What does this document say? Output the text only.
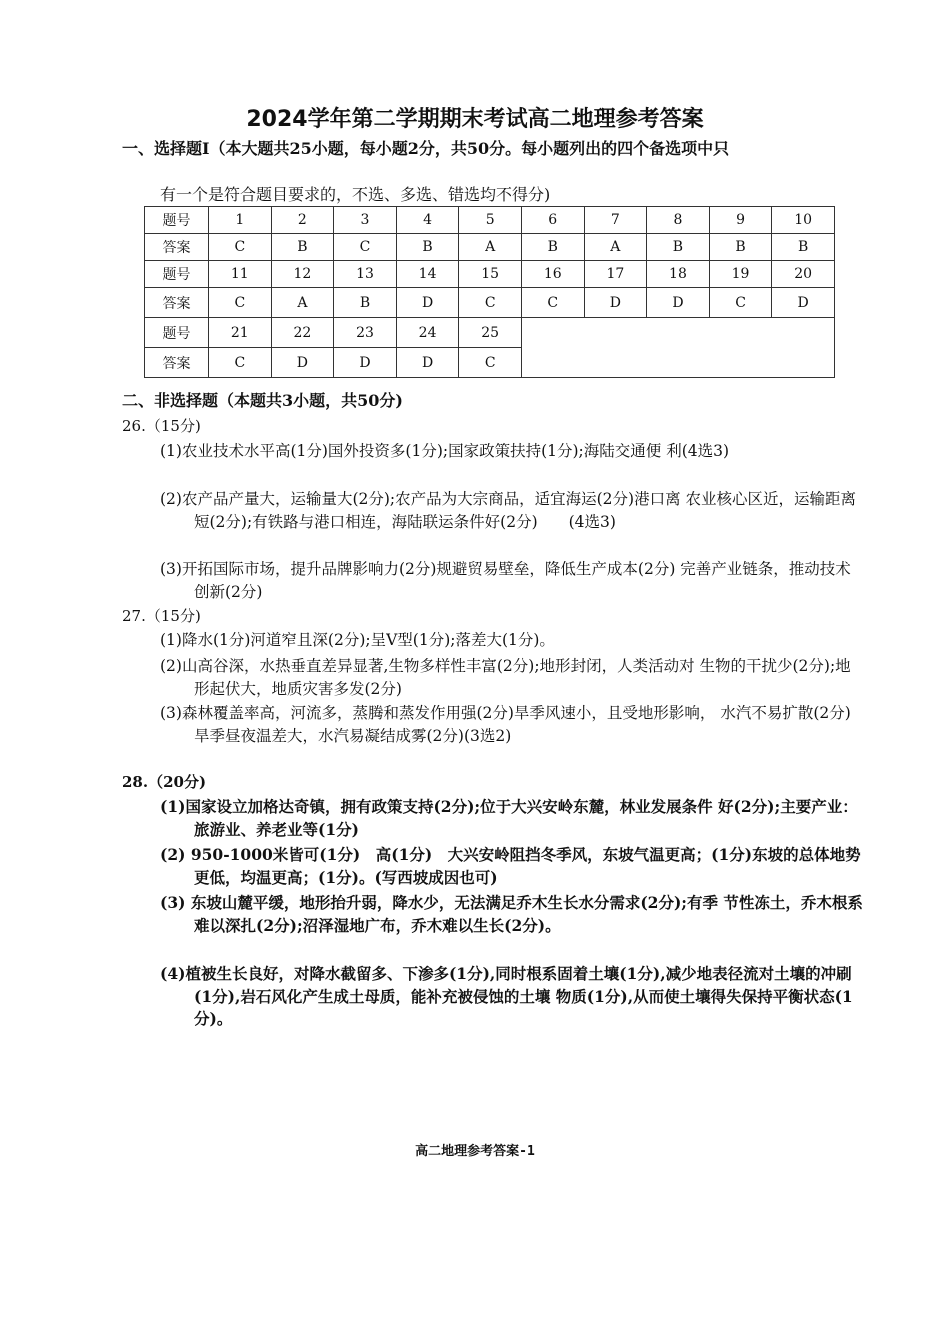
2024学年第二学期期末考试高二地理参考答案
一、选择题Ⅰ（本大题共25小题，每小题2分，共50分。每小题列出的四个备选项中只
有一个是符合题目要求的，不选、多选、错选均不得分)
题号	1	2	3	4	5	6	7	8	9	10
答案	C	B	C	B	A	B	A	B	B	B
题号	11	12	13	14	15	16	17	18	19	20
答案	C	A	B	D	C	C	D	D	C	D
题号	21	22	23	24	25					
答案	C	D	D	D	C					
二、非选择题（本题共3小题，共50分)
26.（15分)
(1)农业技术水平高(1分)国外投资多(1分);国家政策扶持(1分);海陆交通便 利(4选3)
(2)农产品产量大，运输量大(2分);农产品为大宗商品，适宜海运(2分)港口离 农业核心区近，运输距离短(2分);有铁路与港口相连，海陆联运条件好(2分)　　(4选3)
(3)开拓国际市场，提升品牌影响力(2分)规避贸易壁垒，降低生产成本(2分) 完善产业链条，推动技术创新(2分)
27.（15分)
(1)降水(1分)河道窄且深(2分);呈V型(1分);落差大(1分)。
(2)山高谷深，水热垂直差异显著,生物多样性丰富(2分);地形封闭，人类活动对 生物的干扰少(2分);地形起伏大，地质灾害多发(2分)
(3)森林覆盖率高，河流多，蒸腾和蒸发作用强(2分)旱季风速小，且受地形影响， 水汽不易扩散(2分)旱季昼夜温差大，水汽易凝结成雾(2分)(3选2)
28.（20分)
(1)国家设立加格达奇镇，拥有政策支持(2分);位于大兴安岭东麓，林业发展条件 好(2分);主要产业：旅游业、养老业等(1分)
(2) 950-1000米皆可(1分)　高(1分)　大兴安岭阻挡冬季风，东坡气温更高；(1分)东坡的总体地势更低，均温更高；(1分)。(写西坡成因也可)
(3) 东坡山麓平缓，地形抬升弱，降水少，无法满足乔木生长水分需求(2分);有季 节性冻土，乔木根系难以深扎(2分);沼泽湿地广布，乔木难以生长(2分)。
(4)植被生长良好，对降水截留多、下渗多(1分),同时根系固着土壤(1分),减少地表径流对土壤的冲刷(1分),岩石风化产生成土母质，能补充被侵蚀的土壤 物质(1分),从而使土壤得失保持平衡状态(1分)。
高二地理参考答案-1
